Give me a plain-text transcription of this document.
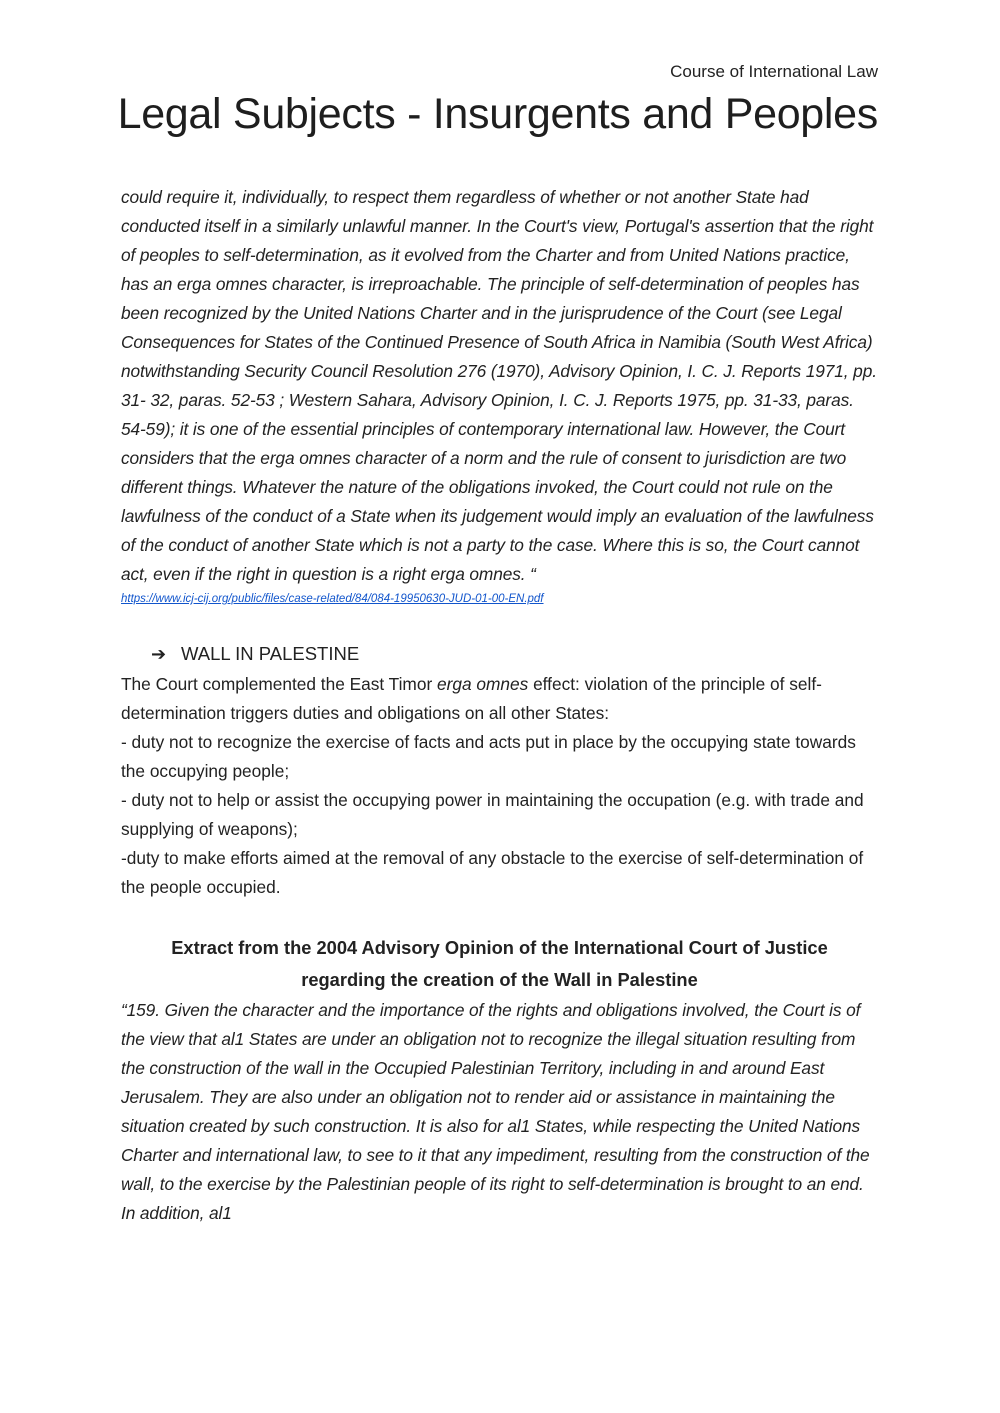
Course of International Law
Legal Subjects - Insurgents and Peoples

could require it, individually, to respect them regardless of whether or not another State had conducted itself in a similarly unlawful manner. In the Court's view, Portugal's assertion that the right of peoples to self-determination, as it evolved from the Charter and from United Nations practice, has an erga omnes character, is irreproachable. The principle of self-determination of peoples has been recognized by the United Nations Charter and in the jurisprudence of the Court (see Legal Consequences for States of the Continued Presence of South Africa in Namibia (South West Africa) notwithstanding Security Council Resolution 276 (1970), Advisory Opinion, I. C. J. Reports 1971, pp. 31- 32, paras. 52-53 ; Western Sahara, Advisory Opinion, I. C. J. Reports 1975, pp. 31-33, paras. 54-59); it is one of the essential principles of contemporary international law. However, the Court considers that the erga omnes character of a norm and the rule of consent to jurisdiction are two different things. Whatever the nature of the obligations invoked, the Court could not rule on the lawfulness of the conduct of a State when its judgement would imply an evaluation of the lawfulness of the conduct of another State which is not a party to the case. Where this is so, the Court cannot act, even if the right in question is a right erga omnes. “

https://www.icj-cij.org/public/files/case-related/84/084-19950630-JUD-01-00-EN.pdf
➔ WALL IN PALESTINE

The Court complemented the East Timor erga omnes effect: violation of the principle of self-determination triggers duties and obligations on all other States:

- duty not to recognize the exercise of facts and acts put in place by the occupying state towards the occupying people;

- duty not to help or assist the occupying power in maintaining the occupation (e.g. with trade and supplying of weapons);

-duty to make efforts aimed at the removal of any obstacle to the exercise of self-determination of the people occupied.

Extract from the 2004 Advisory Opinion of the International Court of Justice
regarding the creation of the Wall in Palestine

“159. Given the character and the importance of the rights and obligations involved, the Court is of the view that al1 States are under an obligation not to recognize the illegal situation resulting from the construction of the wall in the Occupied Palestinian Territory, including in and around East Jerusalem. They are also under an obligation not to render aid or assistance in maintaining the situation created by such construction. It is also for al1 States, while respecting the United Nations Charter and international law, to see to it that any impediment, resulting from the construction of the wall, to the exercise by the Palestinian people of its right to self-determination is brought to an end. In addition, al1
